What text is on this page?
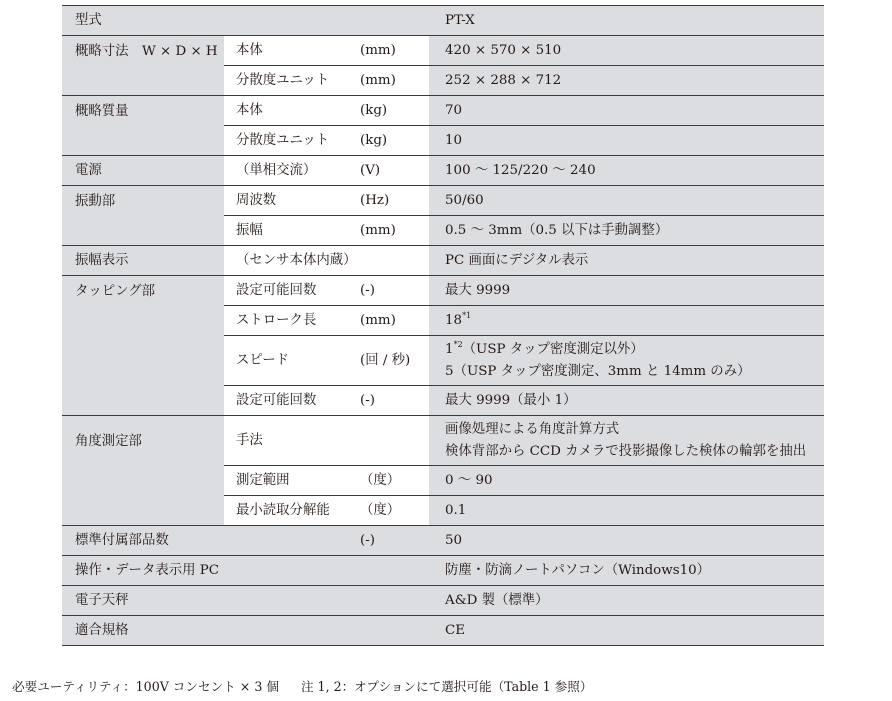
型式			PT-X
概略寸法　W × D × H	本体	(mm)	420 × 570 × 510
	分散度ユニット	(mm)	252 × 288 × 712
概略質量	本体	(kg)	70
	分散度ユニット	(kg)	10
電源	（単相交流）	(V)	100 〜 125/220 〜 240
振動部	周波数	(Hz)	50/60
	振幅	(mm)	0.5 〜 3mm（0.5 以下は手動調整）
振幅表示	（センサ本体内蔵）		PC 画面にデジタル表示
タッピング部	設定可能回数	(-)	最大 9999
	ストローク長	(mm)	18$^{*1}$
	スピード	(回 / 秒)	1$^{*2}$（USP タップ密度測定以外）
5（USP タップ密度測定、3mm と 14mm のみ）

	設定可能回数	(-)	最大 9999（最小 1）
角度測定部	手法		画像処理による角度計算方式
検体背部から CCD カメラで投影撮像した検体の輪郭を抽出

	測定範囲	（度）	0 〜 90
	最小読取分解能	（度）	0.1
標準付属部品数		(-)	50
操作・データ表示用 PC			防塵・防滴ノートパソコン（Windows10）
電子天秤			A&D 製（標準）
適合規格			CE
必要ユーティリティ：100V コンセント × 3 個 注 1, 2：オプションにて選択可能（Table 1 参照）
